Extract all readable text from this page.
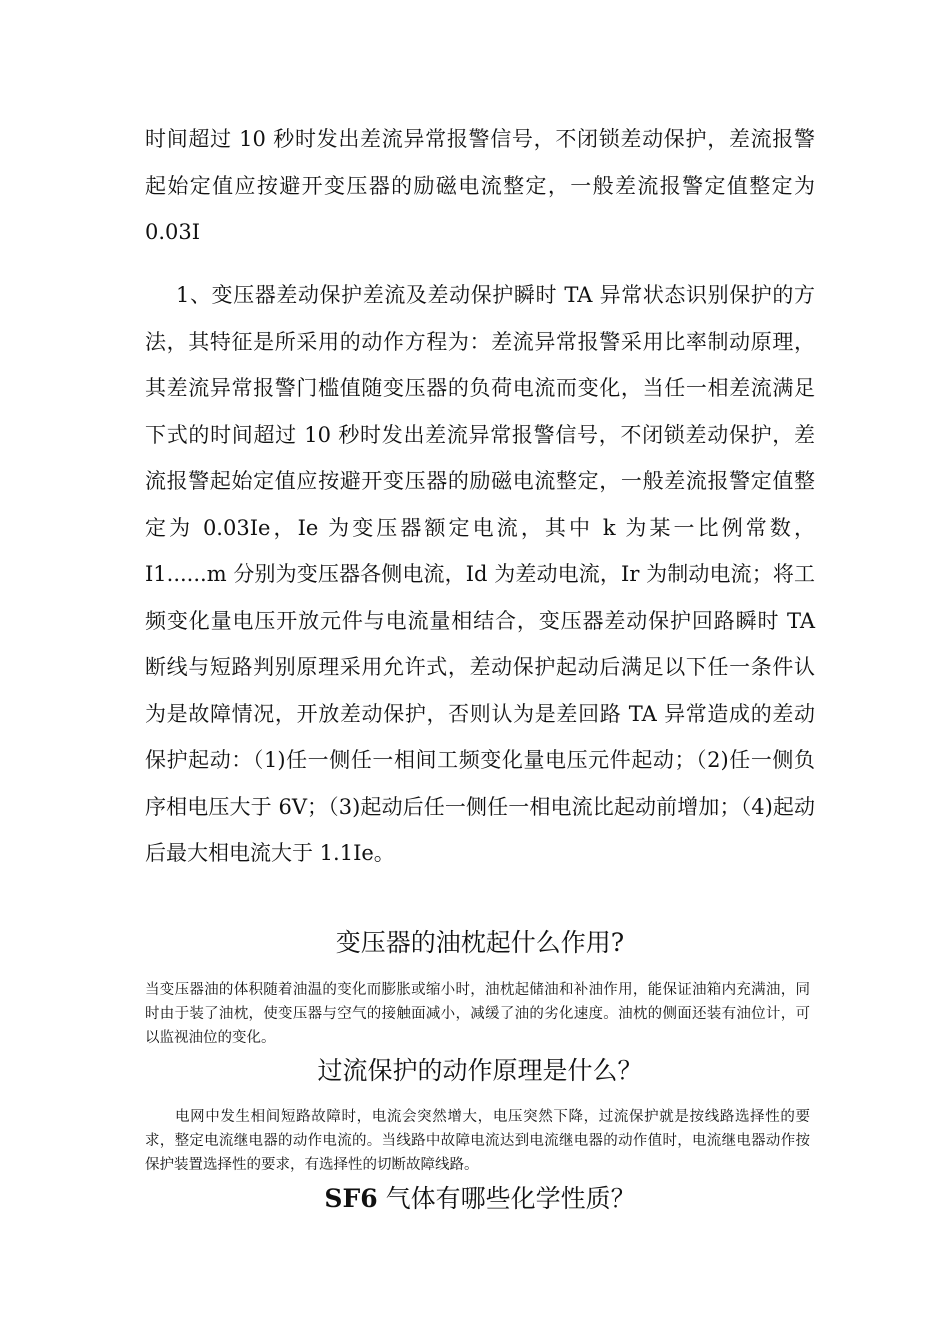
时间超过 10 秒时发出差流异常报警信号，不闭锁差动保护，差流报警起始定值应按避开变压器的励磁电流整定，一般差流报警定值整定为 0.03I

1、变压器差动保护差流及差动保护瞬时 TA 异常状态识别保护的方法，其特征是所采用的动作方程为：差流异常报警采用比率制动原理，其差流异常报警门槛值随变压器的负荷电流而变化，当任一相差流满足下式的时间超过 10 秒时发出差流异常报警信号，不闭锁差动保护，差流报警起始定值应按避开变压器的励磁电流整定，一般差流报警定值整定为 0.03Ie，Ie 为变压器额定电流，其中 k 为某一比例常数，I1......m 分别为变压器各侧电流，Id 为差动电流，Ir 为制动电流；将工频变化量电压开放元件与电流量相结合，变压器差动保护回路瞬时 TA 断线与短路判别原理采用允许式，差动保护起动后满足以下任一条件认为是故障情况，开放差动保护，否则认为是差回路 TA 异常造成的差动保护起动：（1)任一侧任一相间工频变化量电压元件起动；（2)任一侧负序相电压大于 6V；（3)起动后任一侧任一相电流比起动前增加；（4)起动后最大相电流大于 1.1Ie。

变压器的油枕起什么作用?

当变压器油的体积随着油温的变化而膨胀或缩小时，油枕起储油和补油作用，能保证油箱内充满油，同时由于装了油枕，使变压器与空气的接触面减小，减缓了油的劣化速度。油枕的侧面还装有油位计，可以监视油位的变化。

过流保护的动作原理是什么？

电网中发生相间短路故障时，电流会突然增大，电压突然下降，过流保护就是按线路选择性的要求，整定电流继电器的动作电流的。当线路中故障电流达到电流继电器的动作值时，电流继电器动作按保护装置选择性的要求，有选择性的切断故障线路。

SF6 气体有哪些化学性质？
